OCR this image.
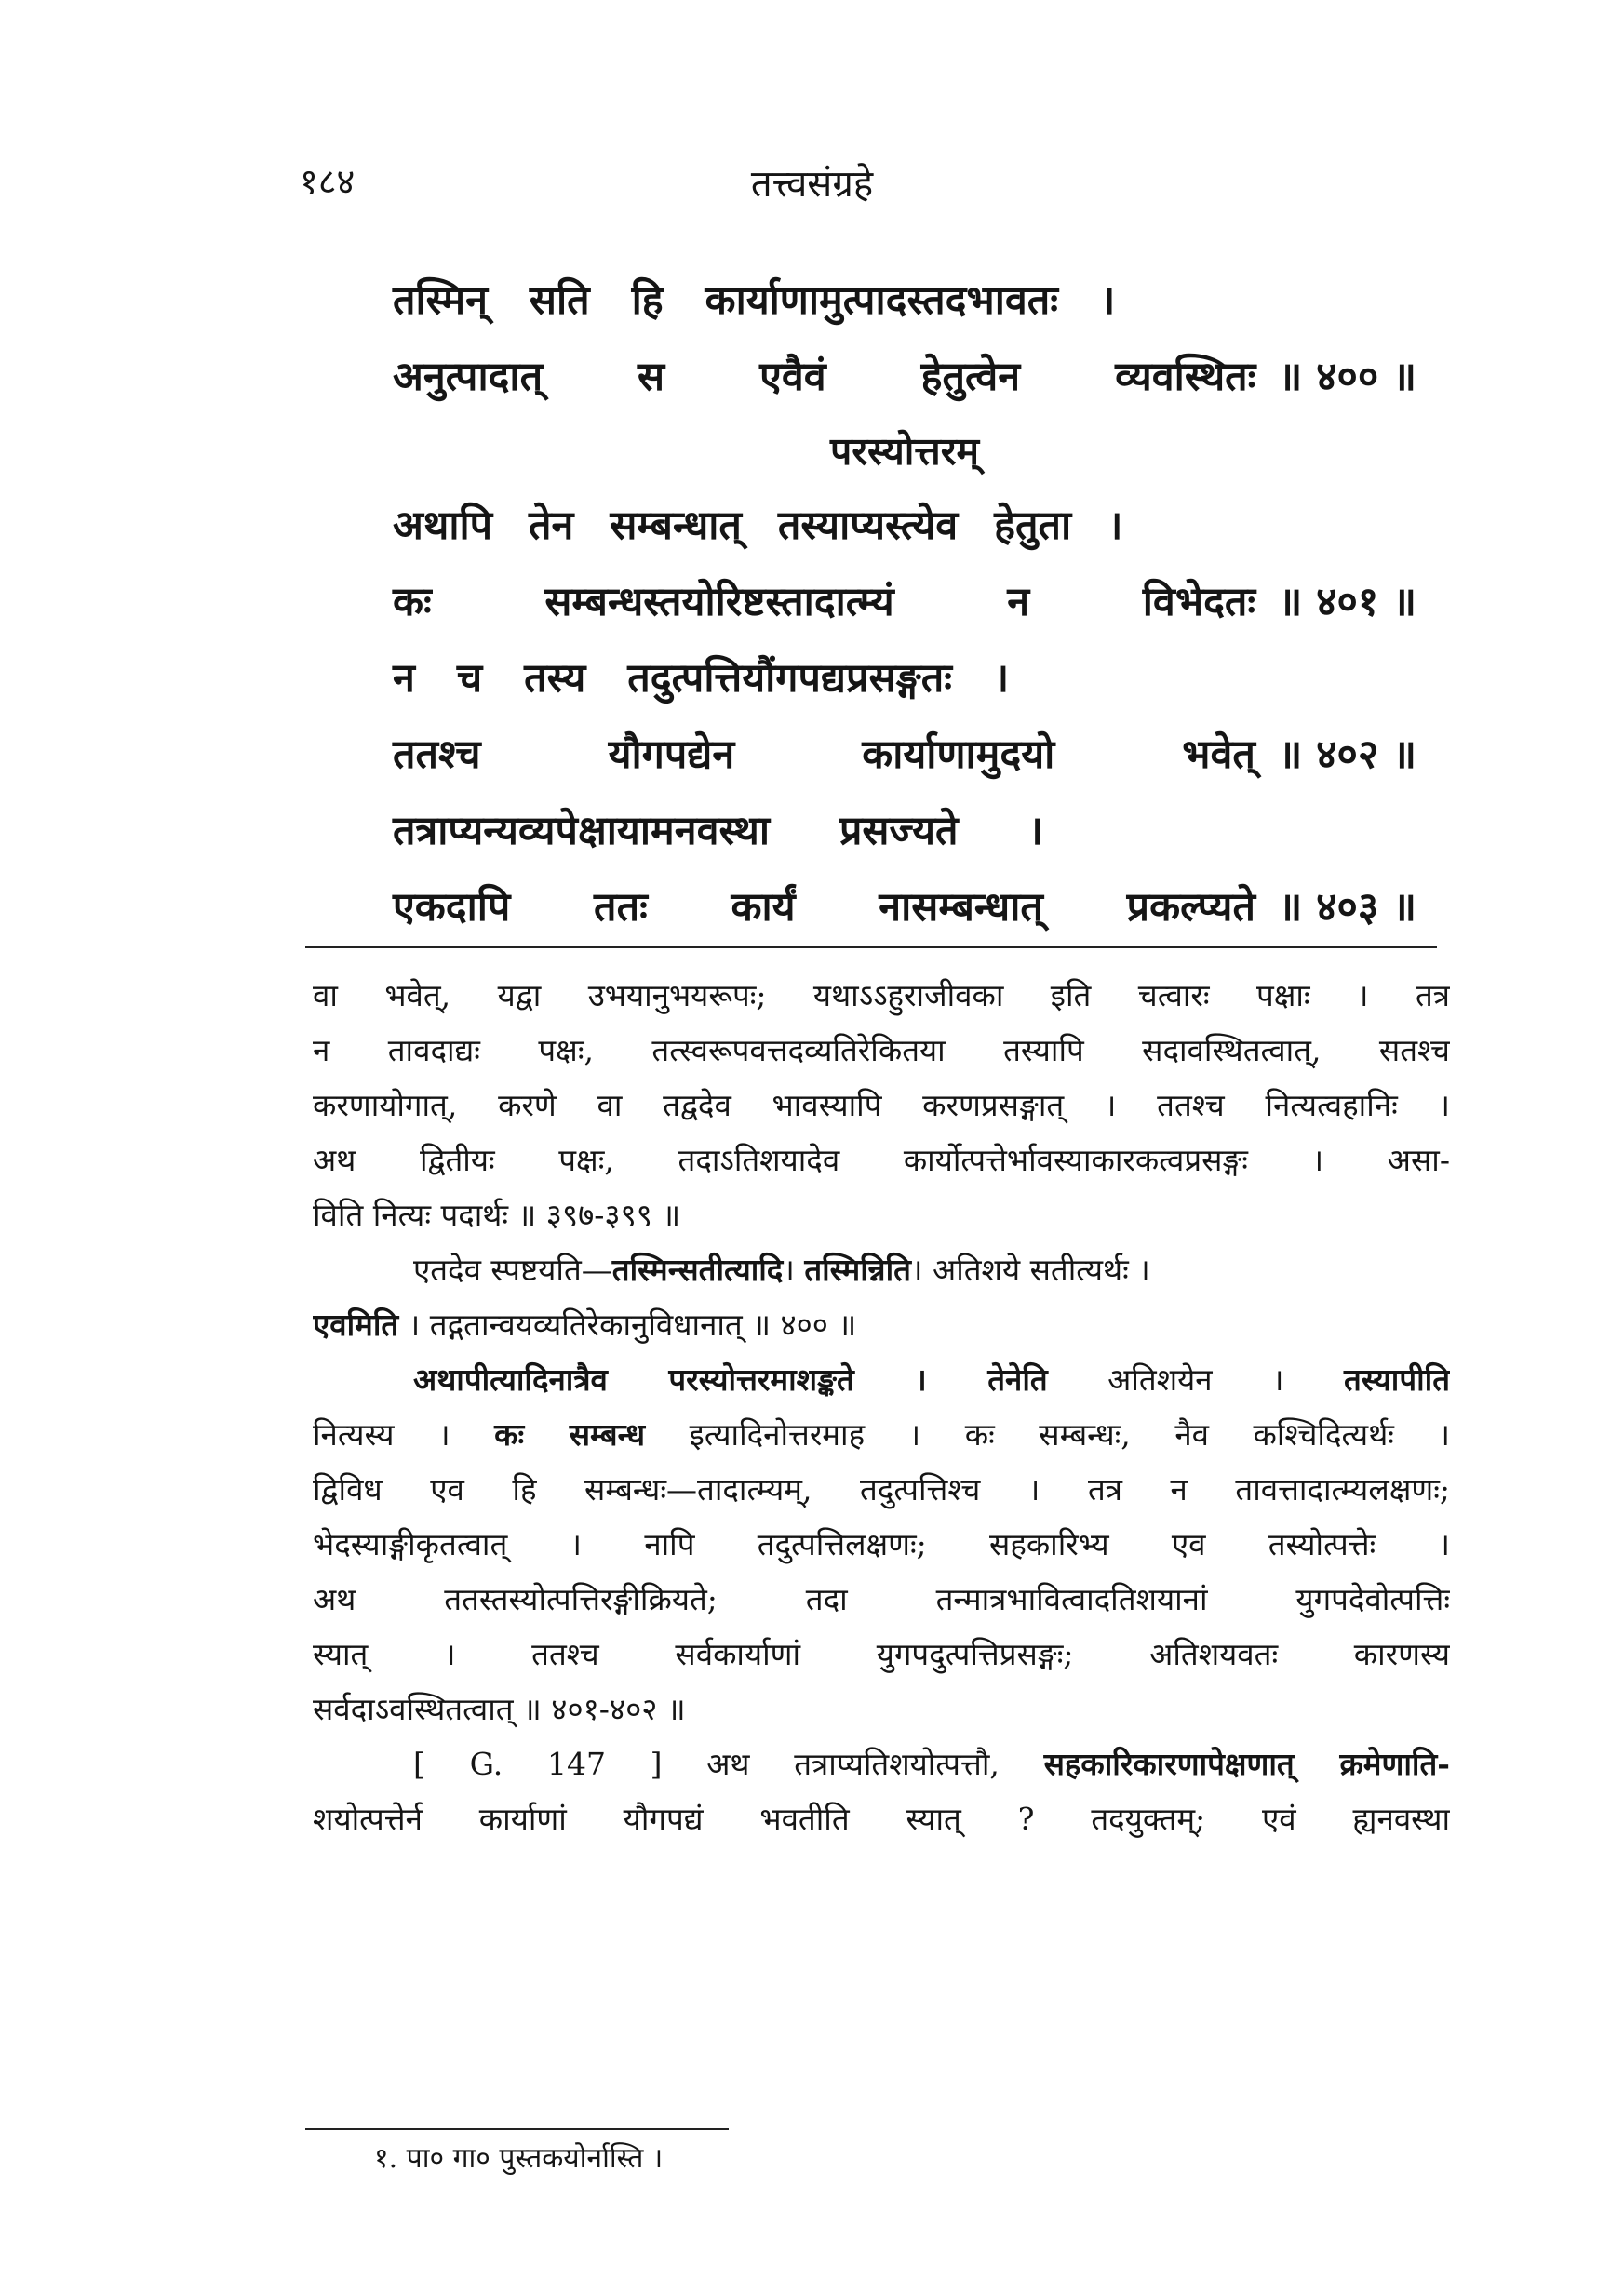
१८४	तत्त्वसंग्रहे
तस्मिन् सति हि कार्याणामुत्पादस्तदभावतः ।
अनुत्पादात् स एवैवं हेतुत्वेन व्यवस्थितः ॥ ४०० ॥
परस्योत्तरम्
अथापि तेन सम्बन्धात् तस्याप्यस्त्येव हेतुता ।
कः सम्बन्धस्तयोरिष्टस्तादात्म्यं न विभेदतः ॥ ४०१ ॥
न च तस्य तदुत्पत्तियौंगपद्यप्रसङ्गतः ।
ततश्च यौगपद्येन कार्याणामुदयो भवेत् ॥ ४०२ ॥
तत्राप्यन्यव्यपेक्षायामनवस्था प्रसज्यते ।
एकदापि ततः कार्यं नासम्बन्धात् प्रकल्प्यते ॥ ४०३ ॥
वा भवेत्, यद्वा उभयानुभयरूपः; यथाऽऽहुराजीवका इति चत्वारः पक्षाः । तत्र
न तावदाद्यः पक्षः, तत्स्वरूपवत्तदव्यतिरेकितया तस्यापि सदावस्थितत्वात्, सतश्च
करणायोगात्, करणे वा तद्वदेव भावस्यापि करणप्रसङ्गात् । ततश्च नित्यत्वहानिः ।
अथ द्वितीयः पक्षः, तदाऽतिशयादेव कार्योत्पत्तेर्भावस्याकारकत्वप्रसङ्गः । असा-
विति नित्यः पदार्थः ॥ ३९७-३९९ ॥
एतदेव स्पष्टयति—तस्मिन्सतीत्यादि। तस्मिन्निति। अतिशये सतीत्यर्थः ।
एवमिति । तद्गतान्वयव्यतिरेकानुविधानात् ॥ ४०० ॥
अथापीत्यादिनात्रैव परस्योत्तरमाशङ्कते । तेनेति अतिशयेन । तस्यापीति
नित्यस्य । कः सम्बन्ध इत्यादिनोत्तरमाह । कः सम्बन्धः, नैव कश्चिदित्यर्थः ।
द्विविध एव हि सम्बन्धः—तादात्म्यम्, तदुत्पत्तिश्च । तत्र न तावत्तादात्म्यलक्षणः;
भेदस्याङ्गीकृतत्वात् । नापि तदुत्पत्तिलक्षणः; सहकारिभ्य एव तस्योत्पत्तेः ।
अथ ततस्तस्योत्पत्तिरङ्गीक्रियते; तदा तन्मात्रभावित्वादतिशयानां युगपदेवोत्पत्तिः
स्यात् । ततश्च सर्वकार्याणां युगपदुत्पत्तिप्रसङ्गः; अतिशयवतः कारणस्य
सर्वदाऽवस्थितत्वात् ॥ ४०१-४०२ ॥
[ G. 147 ] अथ तत्राप्यतिशयोत्पत्तौ, सहकारिकारणापेक्षणात् क्रमेणाति-
शयोत्पत्तेर्न कार्याणां यौगपद्यं भवतीति स्यात् ? तदयुक्तम्; एवं ह्यनवस्था
१. पा० गा० पुस्तकयोर्नास्ति ।
